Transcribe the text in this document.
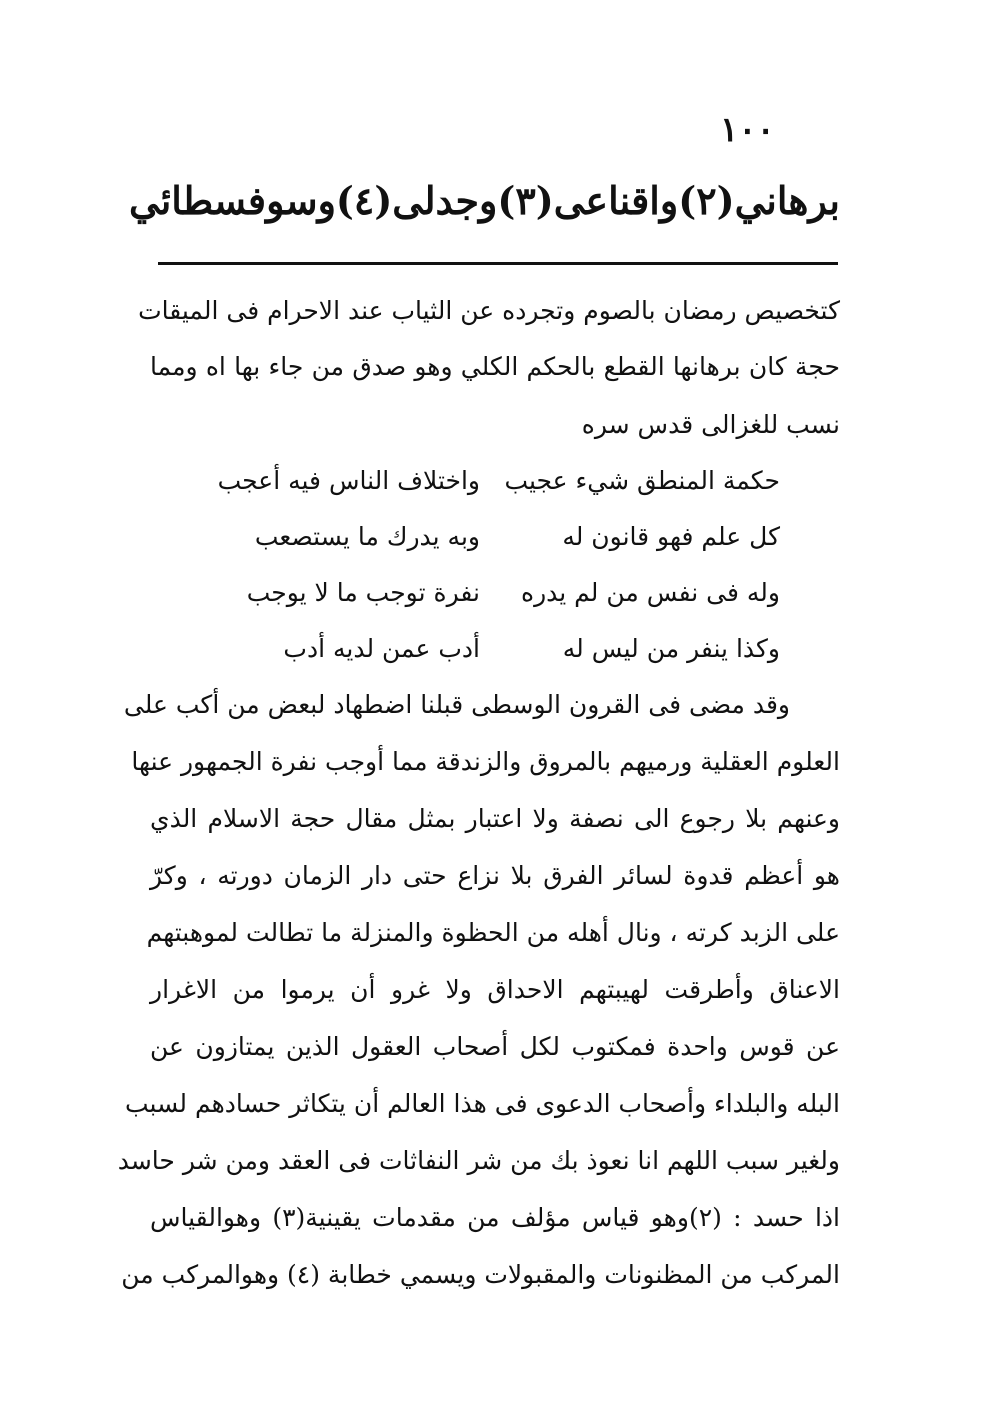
١٠٠
برهاني(٢)واقناعى(٣)وجدلى(٤)وسوفسطائي
كتخصيص رمضان بالصوم وتجرده عن الثياب عند الاحرام فى الميقات
حجة كان برهانها القطع بالحكم الكلي وهو صدق من جاء بها اه ومما
نسب للغزالى قدس سره
حكمة المنطق شيء عجيب
واختلاف الناس فيه أعجب
كل علم فهو قانون له
وبه يدرك ما يستصعب
وله فى نفس من لم يدره
نفرة توجب ما لا يوجب
وكذا ينفر من ليس له
أدب عمن لديه أدب
وقد مضى فى القرون الوسطى قبلنا اضطهاد لبعض من أكب على
العلوم العقلية ورميهم بالمروق والزندقة مما أوجب نفرة الجمهور عنها
وعنهم بلا رجوع الى نصفة ولا اعتبار بمثل مقال حجة الاسلام الذي
هو أعظم قدوة لسائر الفرق بلا نزاع حتى دار الزمان دورته ، وكرّ
على الزبد كرته ، ونال أهله من الحظوة والمنزلة ما تطالت لموهبتهم
الاعناق وأطرقت لهيبتهم الاحداق ولا غرو أن يرموا من الاغرار
عن قوس واحدة فمكتوب لكل أصحاب العقول الذين يمتازون عن
البله والبلداء وأصحاب الدعوى فى هذا العالم أن يتكاثر حسادهم لسبب
ولغير سبب اللهم انا نعوذ بك من شر النفاثات فى العقد ومن شر حاسد
اذا حسد : (٢)وهو قياس مؤلف من مقدمات يقينية(٣) وهوالقياس
المركب من المظنونات والمقبولات ويسمي خطابة (٤) وهوالمركب من
